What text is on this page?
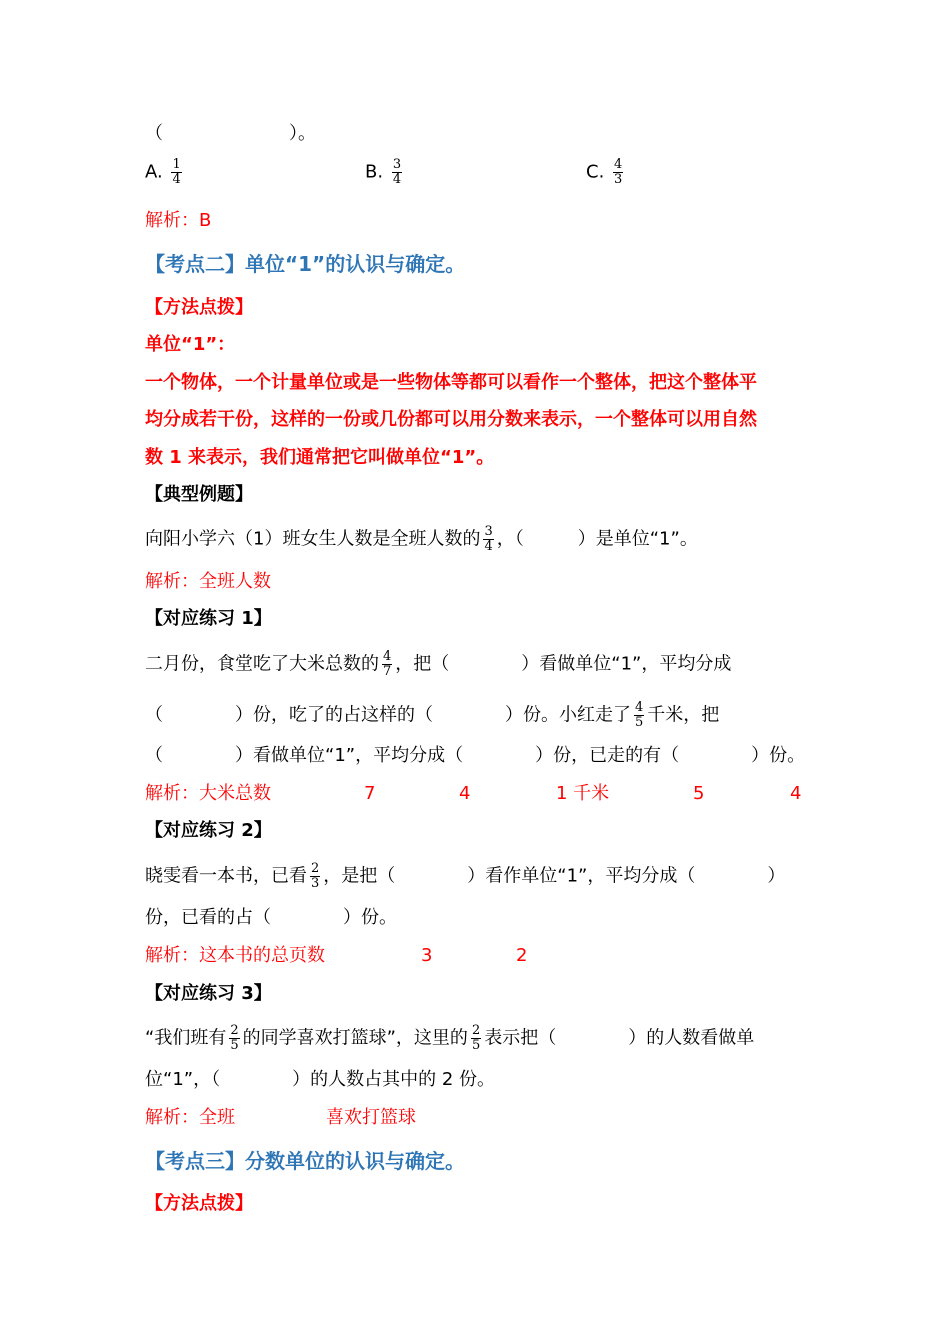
（　　　　　　　）。
A. $\frac{1}{4}$	B. $\frac{3}{4}$	C. $\frac{4}{3}$
解析：B
【考点二】单位“1”的认识与确定。
【方法点拨】
单位“1”：
一个物体，一个计量单位或是一些物体等都可以看作一个整体，把这个整体平
均分成若干份，这样的一份或几份都可以用分数来表示，一个整体可以用自然
数 1 来表示，我们通常把它叫做单位“1”。
【典型例题】
向阳小学六（1）班女生人数是全班人数的 $\frac{3}{4}$ ，（　　　）是单位“1”。
解析：全班人数
【对应练习 1】
二月份，食堂吃了大米总数的 $\frac{4}{7}$ ，把（　　　　）看做单位“1”，平均分成
（　　　　）份，吃了的占这样的（　　　　）份。小红走了 $\frac{4}{5}$ 千米，把
（　　　　）看做单位“1”，平均分成（　　　　）份，已走的有（　　　　）份。
解析：大米总数	7	4	1 千米	5	4
【对应练习 2】
晓雯看一本书，已看 $\frac{2}{3}$ ，是把（　　　　）看作单位“1”，平均分成（　　　　）
份，已看的占（　　　　）份。
解析：这本书的总页数	3	2
【对应练习 3】
“我们班有 $\frac{2}{5}$ 的同学喜欢打篮球”，这里的 $\frac{2}{5}$ 表示把（　　　　）的人数看做单
位“1”，（　　　　）的人数占其中的 2 份。
解析：全班	喜欢打篮球
【考点三】分数单位的认识与确定。
【方法点拨】
